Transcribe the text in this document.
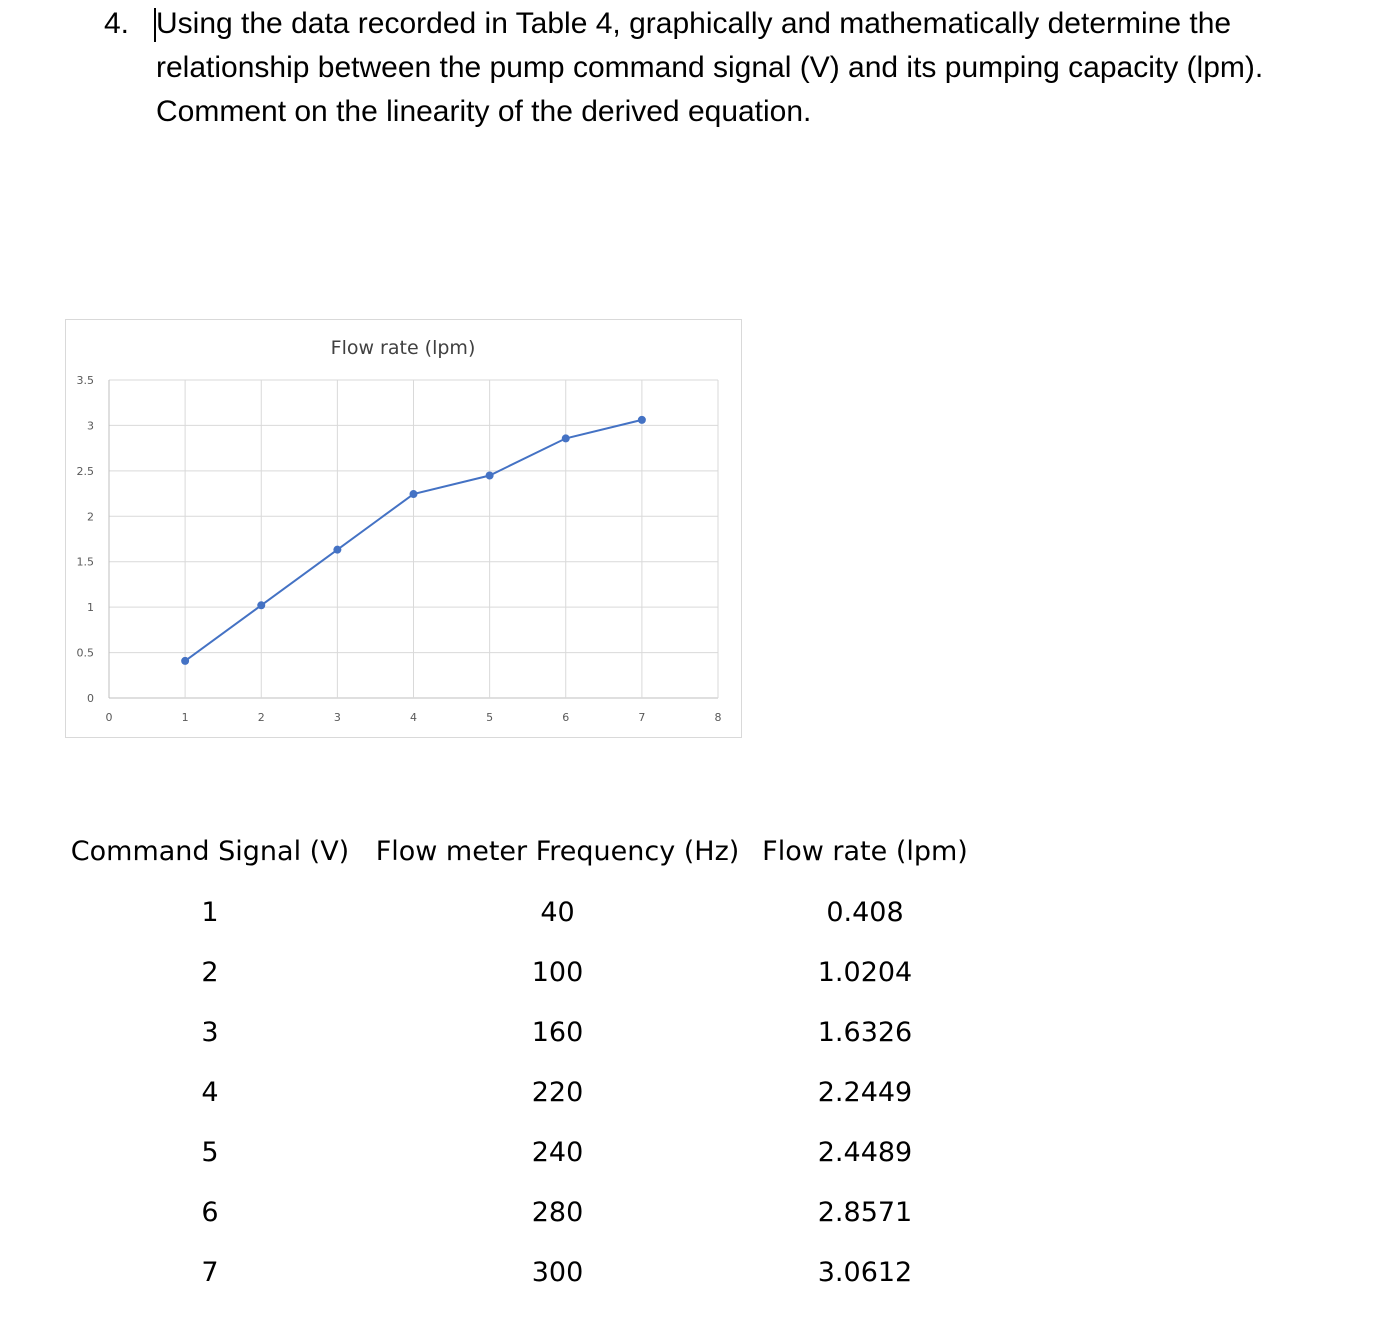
4. Using the data recorded in Table 4, graphically and mathematically determine the relationship between the pump command signal (V) and its pumping capacity (lpm). Comment on the linearity of the derived equation.
Flow rate (lpm)
0
0.5
1
1.5
2
2.5
3
3.5
0	1	2	3	4	5	6	7	8
Command Signal (V)	Flow meter Frequency (Hz)	Flow rate (lpm)
1	40	0.408
2	100	1.0204
3	160	1.6326
4	220	2.2449
5	240	2.4489
6	280	2.8571
7	300	3.0612
